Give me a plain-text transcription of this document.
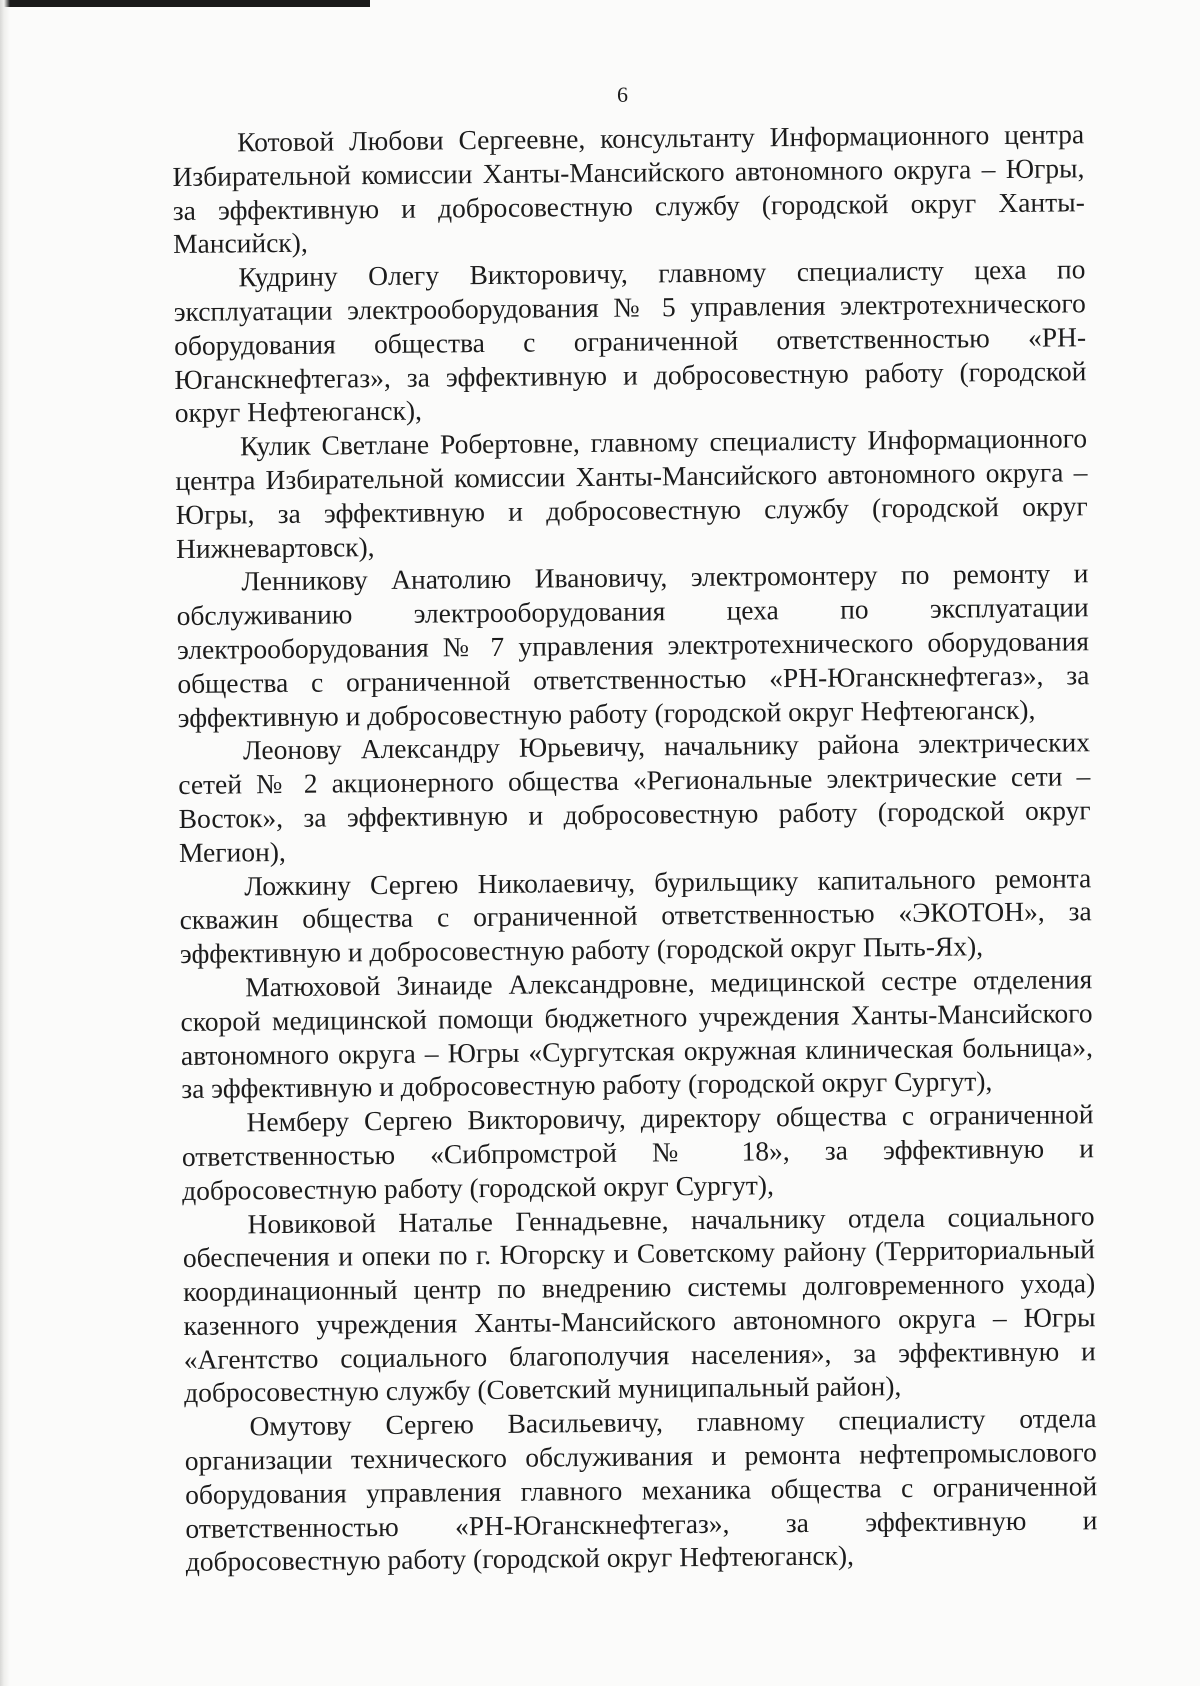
6

Котовой Любови Сергеевне, консультанту Информационного центра Избирательной комиссии Ханты-Мансийского автономного округа – Югры, за эффективную и добросовестную службу (городской округ Ханты-Мансийск),

Кудрину Олегу Викторовичу, главному специалисту цеха по эксплуатации электрооборудования № 5 управления электротехнического оборудования общества с ограниченной ответственностью «РН-Юганскнефтегаз», за эффективную и добросовестную работу (городской округ Нефтеюганск),

Кулик Светлане Робертовне, главному специалисту Информационного центра Избирательной комиссии Ханты-Мансийского автономного округа – Югры, за эффективную и добросовестную службу (городской округ Нижневартовск),

Ленникову Анатолию Ивановичу, электромонтеру по ремонту и обслуживанию электрооборудования цеха по эксплуатации электрооборудования № 7 управления электротехнического оборудования общества с ограниченной ответственностью «РН-Юганскнефтегаз», за эффективную и добросовестную работу (городской округ Нефтеюганск),

Леонову Александру Юрьевичу, начальнику района электрических сетей № 2 акционерного общества «Региональные электрические сети – Восток», за эффективную и добросовестную работу (городской округ Мегион),

Ложкину Сергею Николаевичу, бурильщику капитального ремонта скважин общества с ограниченной ответственностью «ЭКОТОН», за эффективную и добросовестную работу (городской округ Пыть-Ях),

Матюховой Зинаиде Александровне, медицинской сестре отделения скорой медицинской помощи бюджетного учреждения Ханты-Мансийского автономного округа – Югры «Сургутская окружная клиническая больница», за эффективную и добросовестную работу (городской округ Сургут),

Немберу Сергею Викторовичу, директору общества с ограниченной ответственностью «Сибпромстрой № 18», за эффективную и добросовестную работу (городской округ Сургут),

Новиковой Наталье Геннадьевне, начальнику отдела социального обеспечения и опеки по г. Югорску и Советскому району (Территориальный координационный центр по внедрению системы долговременного ухода) казенного учреждения Ханты-Мансийского автономного округа – Югры «Агентство социального благополучия населения», за эффективную и добросовестную службу (Советский муниципальный район),

Омутову Сергею Васильевичу, главному специалисту отдела организации технического обслуживания и ремонта нефтепромыслового оборудования управления главного механика общества с ограниченной ответственностью «РН-Юганскнефтегаз», за эффективную и добросовестную работу (городской округ Нефтеюганск),
